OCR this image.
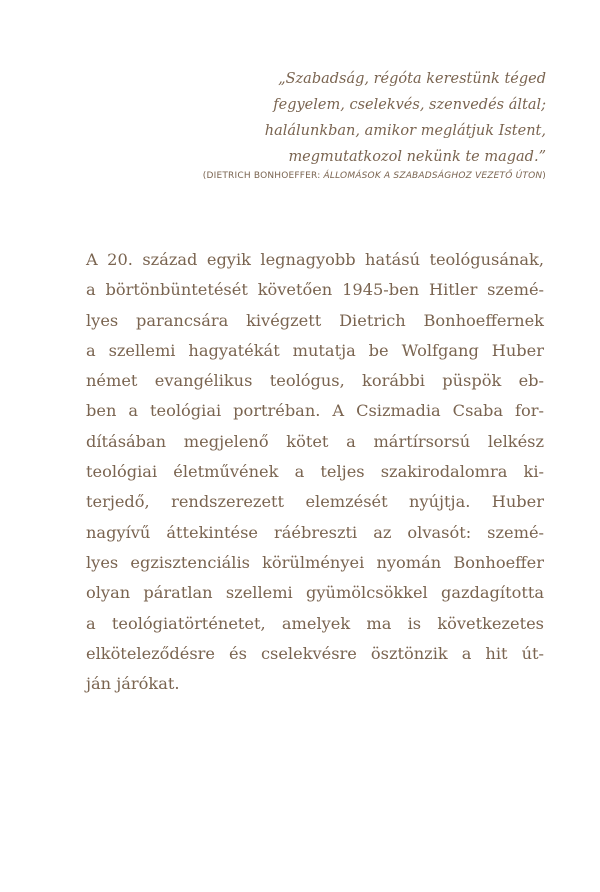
„Szabadság, régóta kerestünk téged
fegyelem, cselekvés, szenvedés által;
halálunkban, amikor meglátjuk Istent,
megmutatkozol nekünk te magad.”
(DIETRICH BONHOEFFER: ÁLLOMÁSOK A SZABADSÁGHOZ VEZETŐ ÚTON)
A 20. század egyik legnagyobb hatású teológusának,
a börtönbüntetését követően 1945-ben Hitler szemé-
lyes parancsára kivégzett Dietrich Bonhoeffernek
a szellemi hagyatékát mutatja be Wolfgang Huber
német evangélikus teológus, korábbi püspök eb-
ben a teológiai portréban. A Csizmadia Csaba for-
dításában megjelenő kötet a mártírsorsú lelkész
teológiai életművének a teljes szakirodalomra ki-
terjedő, rendszerezett elemzését nyújtja. Huber
nagyívű áttekintése ráébreszti az olvasót: szemé-
lyes egzisztenciális körülményei nyomán Bonhoeffer
olyan páratlan szellemi gyümölcsökkel gazdagította
a teológiatörténetet, amelyek ma is következetes
elköteleződésre és cselekvésre ösztönzik a hit út-
ján járókat.
